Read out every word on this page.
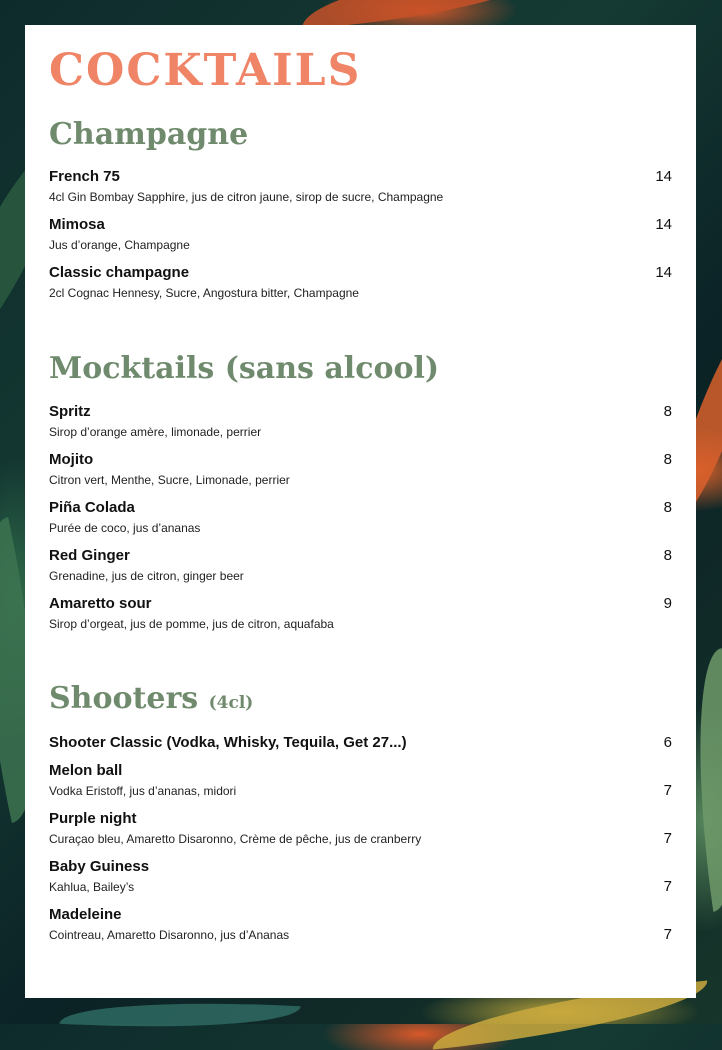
COCKTAILS
Champagne
French 75
4cl Gin Bombay Sapphire, jus de citron jaune, sirop de sucre, Champagne
14
Mimosa
Jus d’orange, Champagne
14
Classic champagne
2cl Cognac Hennesy, Sucre, Angostura bitter, Champagne
14
Mocktails (sans alcool)
Spritz
Sirop d’orange amère, limonade, perrier
8
Mojito
Citron vert, Menthe, Sucre, Limonade, perrier
8
Piña Colada
Purée de coco, jus d’ananas
8
Red Ginger
Grenadine, jus de citron, ginger beer
8
Amaretto sour
Sirop d’orgeat, jus de pomme, jus de citron, aquafaba
9
Shooters (4cl)
Shooter Classic (Vodka, Whisky, Tequila, Get 27...)	6
Melon ball
Vodka Eristoff, jus d’ananas, midori	7
Purple night
Curaçao bleu, Amaretto Disaronno, Crème de pêche, jus de cranberry	7
Baby Guiness
Kahlua, Bailey’s	7
Madeleine
Cointreau, Amaretto Disaronno, jus d’Ananas	7
